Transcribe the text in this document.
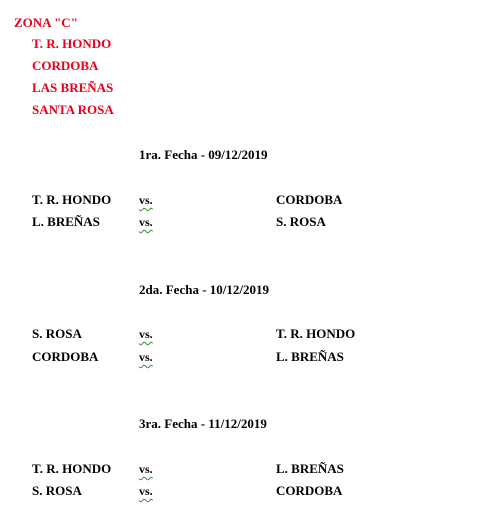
ZONA "C"
T. R. HONDO
CORDOBA
LAS BREÑAS
SANTA ROSA
1ra. Fecha - 09/12/2019
T. R. HONDO vs.	CORDOBA
L. BREÑAS	vs.	S. ROSA
2da. Fecha - 10/12/2019
S. ROSA	vs.	T. R. HONDO
CORDOBA	vs.	L. BREÑAS
3ra. Fecha - 11/12/2019
T. R. HONDO vs.	L. BREÑAS
S. ROSA	vs.	CORDOBA
